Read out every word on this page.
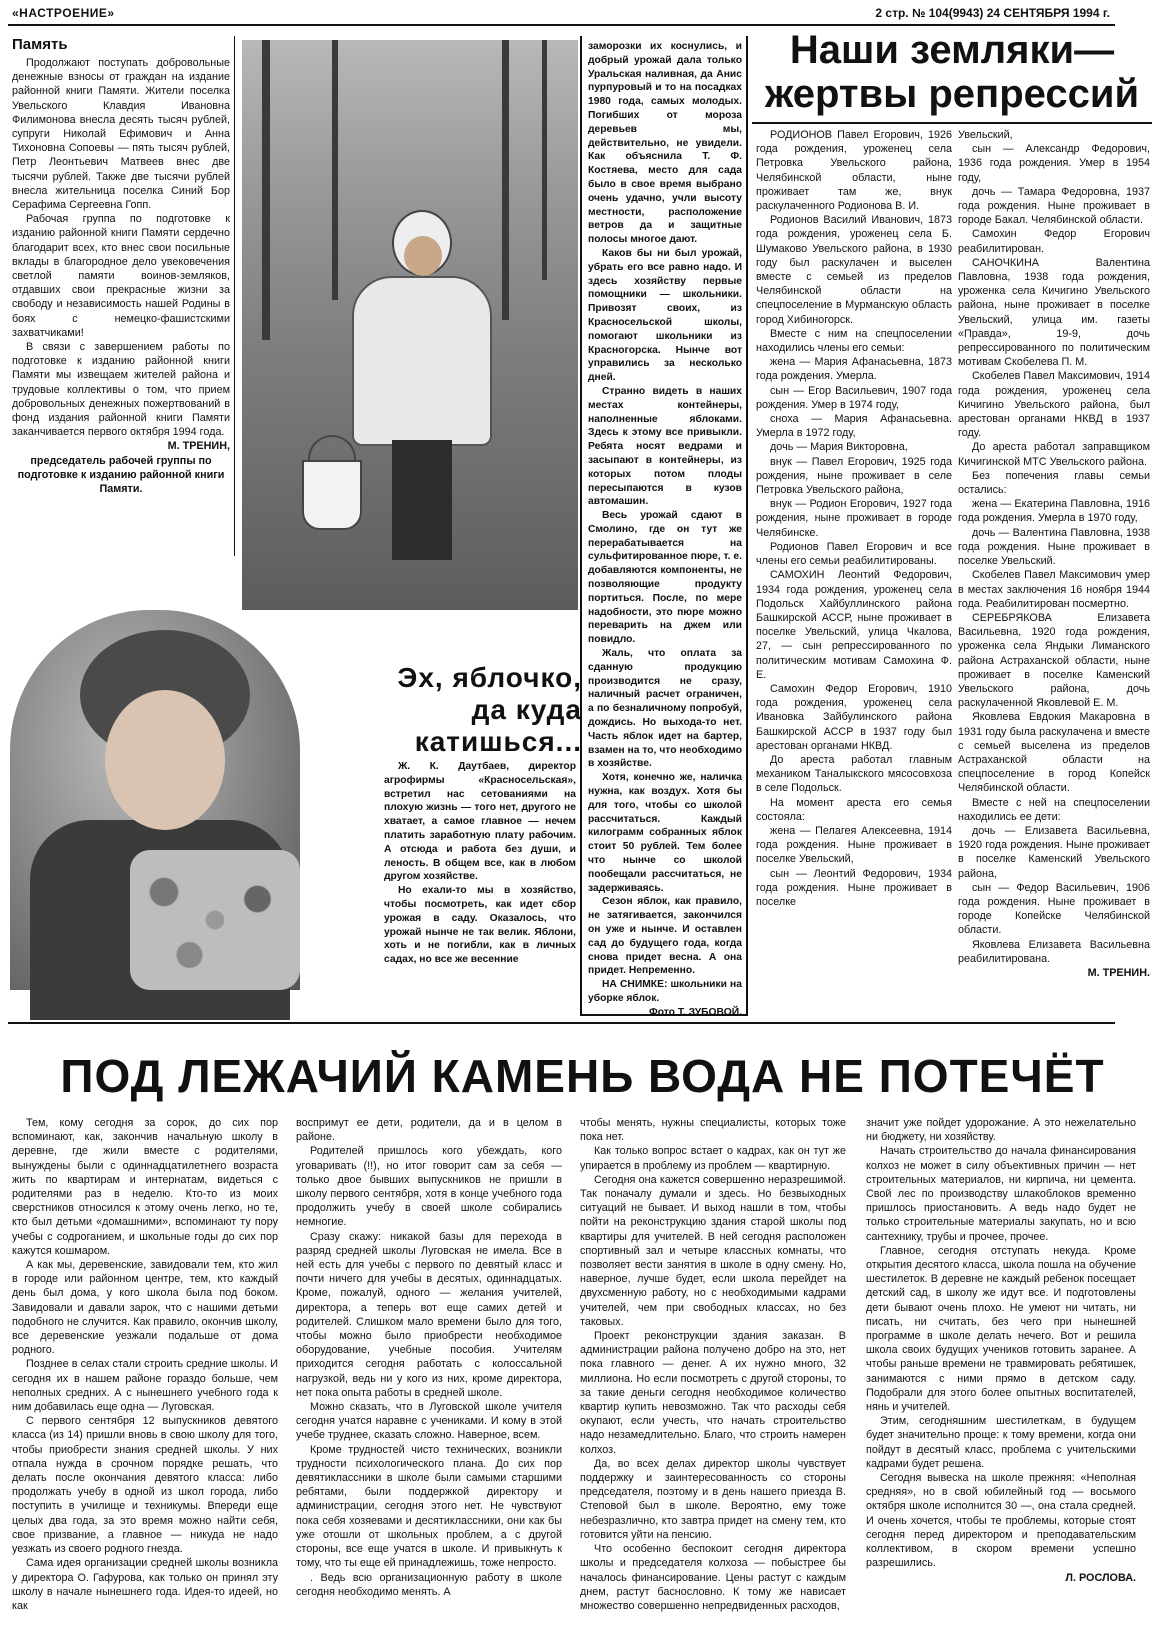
«НАСТРОЕНИЕ»	2 стр. № 104(9943) 24 СЕНТЯБРЯ 1994 г.
Память

Продолжают поступать добровольные денежные взносы от граждан на издание районной книги Памяти. Жители поселка Увельского Клавдия Ивановна Филимонова внесла десять тысяч рублей, супруги Николай Ефимович и Анна Тихоновна Сопоевы — пять тысяч рублей, Петр Леонтьевич Матвеев внес две тысячи рублей. Также две тысячи рублей внесла жительница поселка Синий Бор Серафима Сергеевна Гопп.

Рабочая группа по подготовке к изданию районной книги Памяти сердечно благодарит всех, кто внес свои посильные вклады в благородное дело увековечения светлой памяти воинов-земляков, отдавших свои прекрасные жизни за свободу и независимость нашей Родины в боях с немецко-фашистскими захватчиками!

В связи с завершением работы по подготовке к изданию районной книги Памяти мы извещаем жителей района и трудовые коллективы о том, что прием добровольных денежных пожертвований в фонд издания районной книги Памяти заканчивается первого октября 1994 года.

М. ТРЕНИН,

председатель рабочей группы по подготовке к изданию районной книги Памяти.

Эх, яблочко,
да куда
катишься...

Ж. К. Даутбаев, директор агрофирмы «Красносельская», встретил нас сетованиями на плохую жизнь — того нет, другого не хватает, а самое главное — нечем платить заработную плату рабочим. А отсюда и работа без души, и леность. В общем все, как в любом другом хозяйстве.

Но ехали-то мы в хозяйство, чтобы посмотреть, как идет сбор урожая в саду. Оказалось, что урожай нынче не так велик. Яблони, хоть и не погибли, как в личных садах, но все же весенние

заморозки их коснулись, и добрый урожай дала только Уральская наливная, да Анис пурпуровый и то на посадках 1980 года, самых молодых. Погибших от мороза деревьев мы, действительно, не увидели. Как объяснила Т. Ф. Костяева, место для сада было в свое время выбрано очень удачно, учли высоту местности, расположение ветров да и защитные полосы многое дают.

Каков бы ни был урожай, убрать его все равно надо. И здесь хозяйству первые помощники — школьники. Привозят своих, из Красносельской школы, помогают школьники из Красногорска. Нынче вот управились за несколько дней.

Странно видеть в наших местах контейнеры, наполненные яблоками. Здесь к этому все привыкли. Ребята носят ведрами и засыпают в контейнеры, из которых потом плоды пересыпаются в кузов автомашин.

Весь урожай сдают в Смолино, где он тут же перерабатывается на сульфитированное пюре, т. е. добавляются компоненты, не позволяющие продукту портиться. После, по мере надобности, это пюре можно переварить на джем или повидло.

Жаль, что оплата за сданную продукцию производится не сразу, наличный расчет ограничен, а по безналичному попробуй, дождись. Но выхода-то нет. Часть яблок идет на бартер, взамен на то, что необходимо в хозяйстве.

Хотя, конечно же, наличка нужна, как воздух. Хотя бы для того, чтобы со школой рассчитаться. Каждый килограмм собранных яблок стоит 50 рублей. Тем более что нынче со школой пообещали рассчитаться, не задерживаясь.

Сезон яблок, как правило, не затягивается, закончился он уже и нынче. И оставлен сад до будущего года, когда снова придет весна. А она придет. Непременно.

НА СНИМКЕ: школьники на уборке яблок.

Фото Т. ЗУБОВОЙ.

Наши земляки—
жертвы репрессий

РОДИОНОВ Павел Егорович, 1926 года рождения, уроженец села Петровка Увельского района, Челябинской области, ныне проживает там же, внук раскулаченного Родионова В. И.

Родионов Василий Иванович, 1873 года рождения, уроженец села Б. Шумаково Увельского района, в 1930 году был раскулачен и выселен вместе с семьей из пределов Челябинской области на спецпоселение в Мурманскую область город Хибиногорск.

Вместе с ним на спецпоселении находились члены его семьи:

жена — Мария Афанасьевна, 1873 года рождения. Умерла.

сын — Егор Васильевич, 1907 года рождения. Умер в 1974 году,

сноха — Мария Афанасьевна. Умерла в 1972 году,

дочь — Мария Викторовна,

внук — Павел Егорович, 1925 года рождения, ныне проживает в селе Петровка Увельского района,

внук — Родион Егорович, 1927 года рождения, ныне проживает в городе Челябинске.

Родионов Павел Егорович и все члены его семьи реабилитированы.

САМОХИН Леонтий Федорович, 1934 года рождения, уроженец села Подольск Хайбуллинского района Башкирской АССР, ныне проживает в поселке Увельский, улица Чкалова, 27, — сын репрессированного по политическим мотивам Самохина Ф. Е.

Самохин Федор Егорович, 1910 года рождения, уроженец села Ивановка Зайбулинского района Башкирской АССР в 1937 году был арестован органами НКВД.

До ареста работал главным механиком Таналыкского мясосовхоза в селе Подольск.

На момент ареста его семья состояла:

жена — Пелагея Алексеевна, 1914 года рождения. Ныне проживает в поселке Увельский,

сын — Леонтий Федорович, 1934 года рождения. Ныне проживает в поселке

Увельский,

сын — Александр Федорович, 1936 года рождения. Умер в 1954 году,

дочь — Тамара Федоровна, 1937 года рождения. Ныне проживает в городе Бакал. Челябинской области.

Самохин Федор Егорович реабилитирован.

САНОЧКИНА Валентина Павловна, 1938 года рождения, уроженка села Кичигино Увельского района, ныне проживает в поселке Увельский, улица им. газеты «Правда», 19-9, дочь репрессированного по политическим мотивам Скобелева П. М.

Скобелев Павел Максимович, 1914 года рождения, уроженец села Кичигино Увельского района, был арестован органами НКВД в 1937 году.

До ареста работал заправщиком Кичигинской МТС Увельского района.

Без попечения главы семьи остались:

жена — Екатерина Павловна, 1916 года рождения. Умерла в 1970 году,

дочь — Валентина Павловна, 1938 года рождения. Ныне проживает в поселке Увельский.

Скобелев Павел Максимович умер в местах заключения 16 ноября 1944 года. Реабилитирован посмертно.

СЕРЕБРЯКОВА Елизавета Васильевна, 1920 года рождения, уроженка села Яндыки Лиманского района Астраханской области, ныне проживает в поселке Каменский Увельского района, дочь раскулаченной Яковлевой Е. М.

Яковлева Евдокия Макаровна в 1931 году была раскулачена и вместе с семьей выселена из пределов Астраханской области на спецпоселение в город Копейск Челябинской области.

Вместе с ней на спецпоселении находились ее дети:

дочь — Елизавета Васильевна, 1920 года рождения. Ныне проживает в поселке Каменский Увельского района,

сын — Федор Васильевич, 1906 года рождения. Ныне проживает в городе Копейске Челябинской области.

Яковлева Елизавета Васильевна реабилитирована.

М. ТРЕНИН.

ПОД ЛЕЖАЧИЙ КАМЕНЬ ВОДА НЕ ПОТЕЧЁТ

Тем, кому сегодня за сорок, до сих пор вспоминают, как, закончив начальную школу в деревне, где жили вместе с родителями, вынуждены были с одиннадцатилетнего возраста жить по квартирам и интернатам, видеться с родителями раз в неделю. Кто-то из моих сверстников относился к этому очень легко, но те, кто был детьми «домашними», вспоминают ту пору учебы с содроганием, и школьные годы до сих пор кажутся кошмаром.

А как мы, деревенские, завидовали тем, кто жил в городе или районном центре, тем, кто каждый день был дома, у кого школа была под боком. Завидовали и давали зарок, что с нашими детьми подобного не случится. Как правило, окончив школу, все деревенские уезжали подальше от дома родного.

Позднее в селах стали строить средние школы. И сегодня их в нашем районе гораздо больше, чем неполных средних. А с нынешнего учебного года к ним добавилась еще одна — Луговская.

С первого сентября 12 выпускников девятого класса (из 14) пришли вновь в свою школу для того, чтобы приобрести знания средней школы. У них отпала нужда в срочном порядке решать, что делать после окончания девятого класса: либо продолжать учебу в одной из школ города, либо поступить в училище и техникумы. Впереди еще целых два года, за это время можно найти себя, свое призвание, а главное — никуда не надо уезжать из своего родного гнезда.

Сама идея организации средней школы возникла у директора О. Гафурова, как только он принял эту школу в начале нынешнего года. Идея-то идеей, но как

воспримут ее дети, родители, да и в целом в районе.

Родителей пришлось кого убеждать, кого уговаривать (!!), но итог говорит сам за себя — только двое бывших выпускников не пришли в школу первого сентября, хотя в конце учебного года продолжить учебу в своей школе собирались немногие.

Сразу скажу: никакой базы для перехода в разряд средней школы Луговская не имела. Все в ней есть для учебы с первого по девятый класс и почти ничего для учебы в десятых, одиннадцатых. Кроме, пожалуй, одного — желания учителей, директора, а теперь вот еще самих детей и родителей. Слишком мало времени было для того, чтобы можно было приобрести необходимое оборудование, учебные пособия. Учителям приходится сегодня работать с колоссальной нагрузкой, ведь ни у кого из них, кроме директора, нет пока опыта работы в средней школе.

Можно сказать, что в Луговской школе учителя сегодня учатся наравне с учениками. И кому в этой учебе труднее, сказать сложно. Наверное, всем.

Кроме трудностей чисто технических, возникли трудности психологического плана. До сих пор девятиклассники в школе были самыми старшими ребятами, были поддержкой директору и администрации, сегодня этого нет. Не чувствуют пока себя хозяевами и десятиклассники, они как бы уже отошли от школьных проблем, а с другой стороны, все еще учатся в школе. И привыкнуть к тому, что ты еще ей принадлежишь, тоже непросто.

. Ведь всю организационную работу в школе сегодня необходимо менять. А

чтобы менять, нужны специалисты, которых тоже пока нет.

Как только вопрос встает о кадрах, как он тут же упирается в проблему из проблем — квартирную.

Сегодня она кажется совершенно неразрешимой. Так поначалу думали и здесь. Но безвыходных ситуаций не бывает. И выход нашли в том, чтобы пойти на реконструкцию здания старой школы под квартиры для учителей. В ней сегодня расположен спортивный зал и четыре классных комнаты, что позволяет вести занятия в школе в одну смену. Но, наверное, лучше будет, если школа перейдет на двухсменную работу, но с необходимыми кадрами учителей, чем при свободных классах, но без таковых.

Проект реконструкции здания заказан. В администрации района получено добро на это, нет пока главного — денег. А их нужно много, 32 миллиона. Но если посмотреть с другой стороны, то за такие деньги сегодня необходимое количество квартир купить невозможно. Так что расходы себя окупают, если учесть, что начать строительство надо незамедлительно. Благо, что строить намерен колхоз.

Да, во всех делах директор школы чувствует поддержку и заинтересованность со стороны председателя, поэтому и в день нашего приезда В. Степовой был в школе. Вероятно, ему тоже небезразлично, кто завтра придет на смену тем, кто готовится уйти на пенсию.

Что особенно беспокоит сегодня директора школы и председателя колхоза — побыстрее бы началось финансирование. Цены растут с каждым днем, растут баснословно. К тому же нависает множество совершенно непредвиденных расходов,

значит уже пойдет удорожание. А это нежелательно ни бюджету, ни хозяйству.

Начать строительство до начала финансирования колхоз не может в силу объективных причин — нет строительных материалов, ни кирпича, ни цемента. Свой лес по производству шлакоблоков временно пришлось приостановить. А ведь надо будет не только строительные материалы закупать, но и всю сантехнику, трубы и прочее, прочее.

Главное, сегодня отступать некуда. Кроме открытия десятого класса, школа пошла на обучение шестилеток. В деревне не каждый ребенок посещает детский сад, в школу же идут все. И подготовлены дети бывают очень плохо. Не умеют ни читать, ни писать, ни считать, без чего при нынешней программе в школе делать нечего. Вот и решила школа своих будущих учеников готовить заранее. А чтобы раньше времени не травмировать ребятишек, занимаются с ними прямо в детском саду. Подобрали для этого более опытных воспитателей, нянь и учителей.

Этим, сегодняшним шестилеткам, в будущем будет значительно проще: к тому времени, когда они пойдут в десятый класс, проблема с учительскими кадрами будет решена.

Сегодня вывеска на школе прежняя: «Неполная средняя», но в свой юбилейный год — восьмого октября школе исполнится 30 —, она стала средней. И очень хочется, чтобы те проблемы, которые стоят сегодня перед директором и преподавательским коллективом, в скором времени успешно разрешились.

Л. РОСЛОВА.
